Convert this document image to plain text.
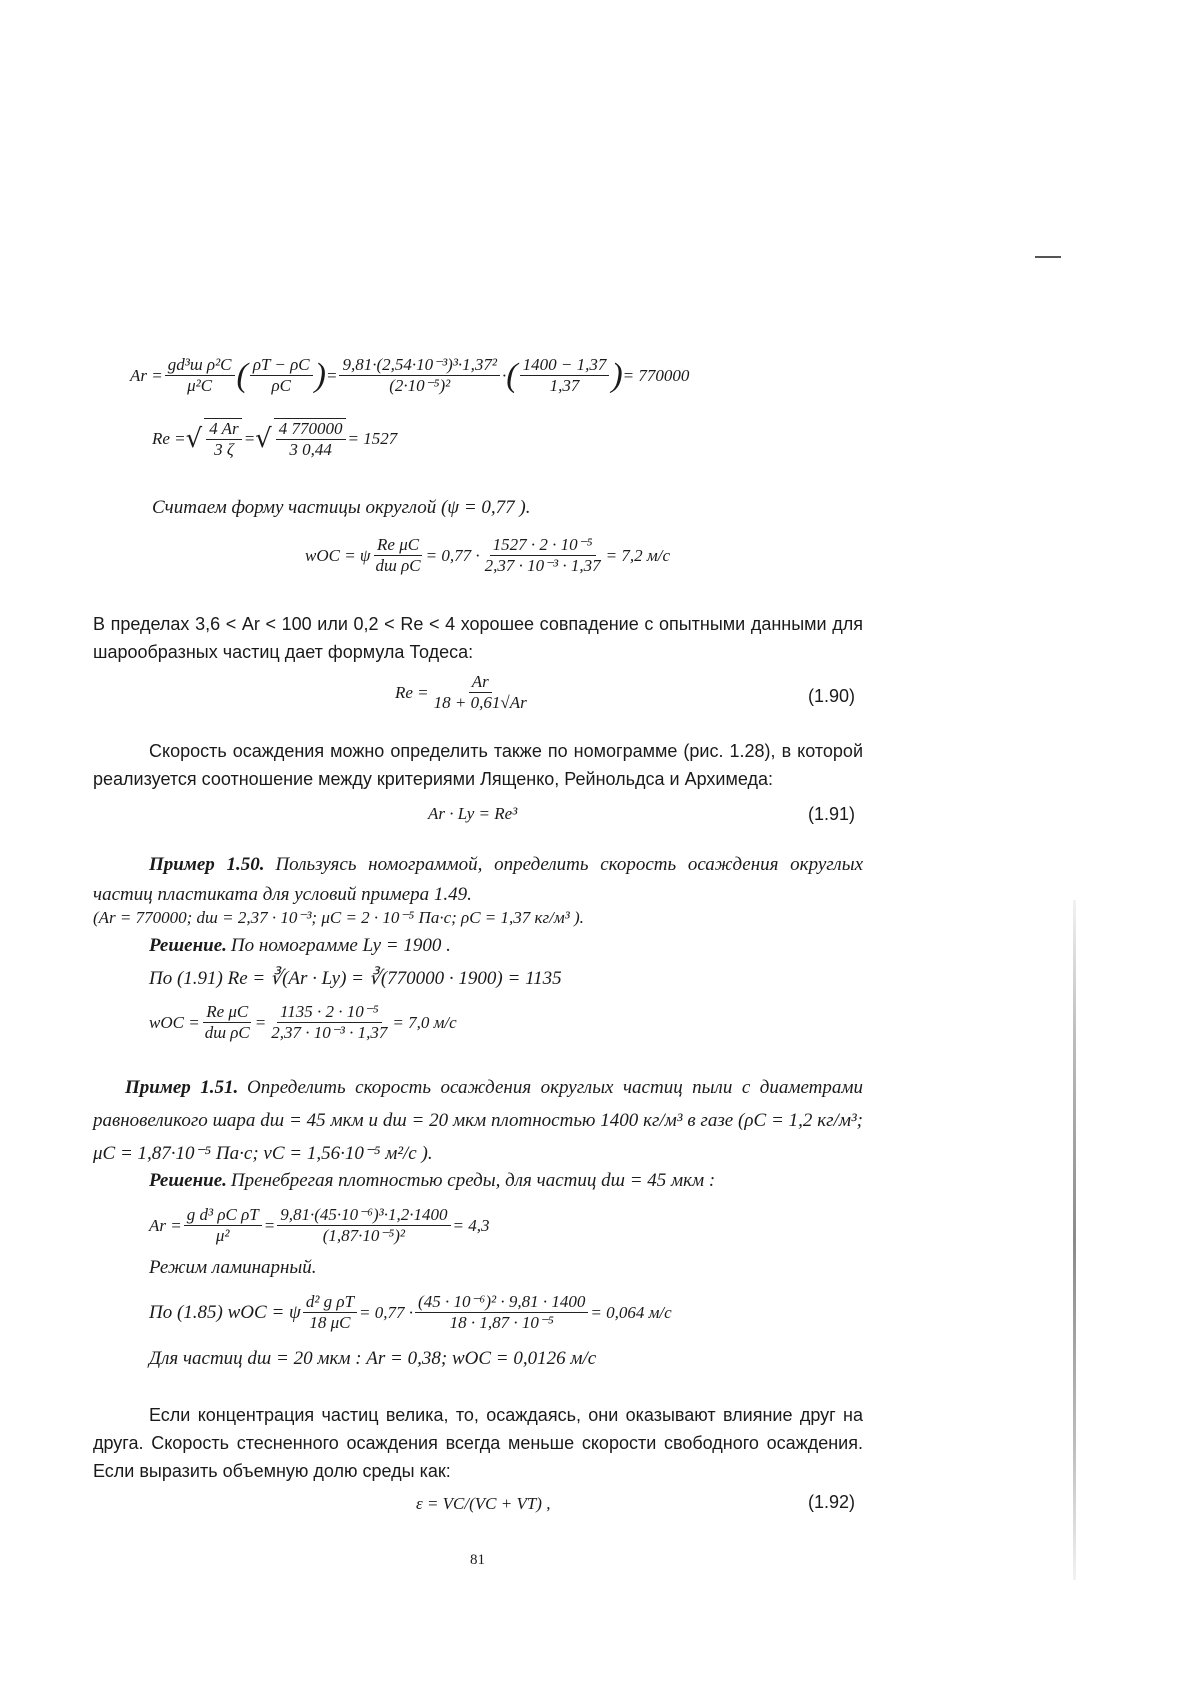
$Ar = \frac{\text{gd³ш ρ²C}}{\text{μ²C}}$ ( $\frac{\rho T - \rho C}{\rho C}$ ) = $\frac{\text{9,81·(2,54·10⁻³)³·1,37²}}{\text{(2·10⁻⁵)²}}$ · ( $\frac{1400 - 1,37}{1,37}$ ) = 770000
Re = √ $\frac{4 Ar}{3 \zeta}$ = √ $\frac{4 770000}{3 0,44} = 1527$
Считаем форму частицы округлой (ψ = 0,77 ).
wOC = ψ $\frac{\text{Re μC}}{\text{dш ρC}} = 0,77 \cdot \frac{\text{1527 · 2 · 10⁻⁵}}{\text{2,37 · 10⁻³ · 1,37}} = 7,2$ м/с
В пределах 3,6 < Ar < 100 или 0,2 < Re < 4 хорошее совпадение с опытными данными для шарообразных частиц дает формула Тодеса:
$Re = \frac{Ar}{18 + 0,61√Ar}$	(1.90)
Скорость осаждения можно определить также по номограмме (рис. 1.28), в которой реализуется соотношение между критериями Лященко, Рейнольдса и Архимеда:
Ar · Ly = Re³	(1.91)
Пример 1.50. Пользуясь номограммой, определить скорость осаждения округлых частиц пластиката для условий примера 1.49.
(Ar = 770000; dш = 2,37 · 10⁻³; μC = 2 · 10⁻⁵ Па·с; ρC = 1,37 кг/м³ ).
Решение. По номограмме Ly = 1900 .
По (1.91) Re = ∛(Ar · Ly) = ∛(770000 · 1900) = 1135
wOC = $\frac{\text{Re μC}}{\text{dш ρC}} = \frac{\text{1135 · 2 · 10⁻⁵}}{\text{2,37 · 10⁻³ · 1,37}} = 7,0$ м/с
Пример 1.51. Определить скорость осаждения округлых частиц пыли с диаметрами равновеликого шара dш = 45 мкм и dш = 20 мкм плотностью 1400 кг/м³ в газе (ρC = 1,2 кг/м³; μC = 1,87·10⁻⁵ Па·с; νC = 1,56·10⁻⁵ м²/с ).
Решение. Пренебрегая плотностью среды, для частиц dш = 45 мкм :
$Ar = \frac{\text{g d³ ρC ρT}}{\text{μ²}} = \frac{\text{9,81·(45·10⁻⁶)³·1,2·1400}}{\text{(1,87·10⁻⁵)²}} = 4,3$
Режим ламинарный.
По (1.85) wOC = ψ $\frac{\text{d² g ρT}}{18 \mu C} = 0,77 \cdot \frac{\text{(45 · 10⁻⁶)² · 9,81 · 1400}}{\text{18 · 1,87 · 10⁻⁵}} = 0,064$ м/с
Для частиц dш = 20 мкм : Ar = 0,38; wOC = 0,0126 м/с
Если концентрация частиц велика, то, осаждаясь, они оказывают влияние друг на друга. Скорость стесненного осаждения всегда меньше скорости свободного осаждения. Если выразить объемную долю среды как:
ε = VC/(VC + VT) ,	(1.92)
81
